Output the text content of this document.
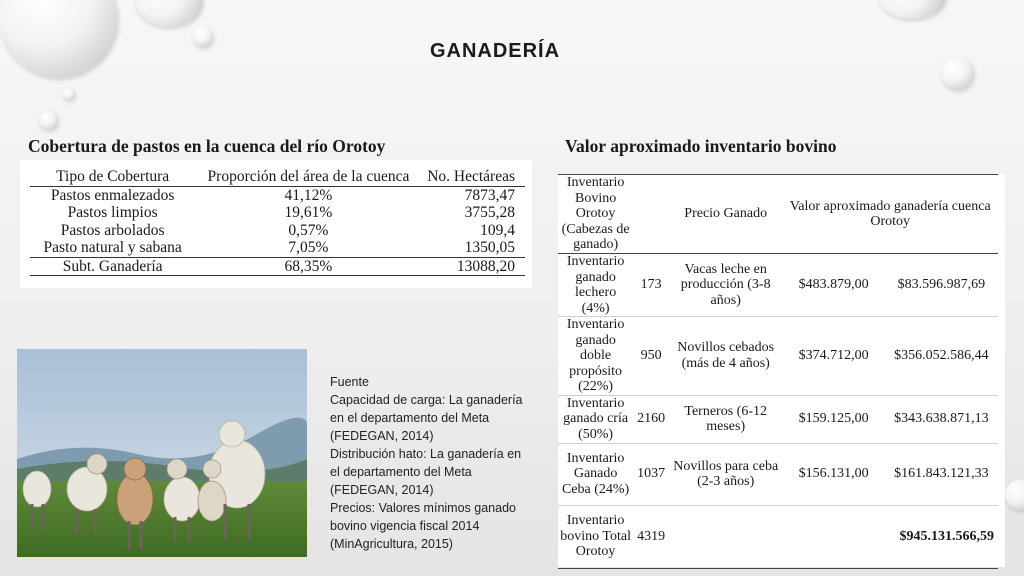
GANADERÍA
Cobertura de pastos en la cuenca del río Orotoy	Valor aproximado inventario bovino
Tipo de Cobertura	Proporción del área de la cuenca	No. Hectáreas
Pastos enmalezados	41,12%	7873,47
Pastos limpios	19,61%	3755,28
Pastos arbolados	0,57%	109,4
Pasto natural y sabana	7,05%	1350,05
Subt. Ganadería	68,35%	13088,20
Fuente
Capacidad de carga: La ganadería en el departamento del Meta (FEDEGAN, 2014)
Distribución hato: La ganadería en el departamento del Meta (FEDEGAN, 2014)
Precios: Valores mínimos ganado bovino vigencia fiscal 2014 (MinAgricultura, 2015)
Inventario Bovino Orotoy (Cabezas de ganado)		Precio Ganado	Valor aproximado ganadería cuenca Orotoy	
Inventario ganado lechero (4%)	173	Vacas leche en producción (3-8 años)	$483.879,00	$83.596.987,69
Inventario ganado doble propósito (22%)	950	Novillos cebados (más de 4 años)	$374.712,00	$356.052.586,44
Inventario ganado cría (50%)	2160	Terneros (6-12 meses)	$159.125,00	$343.638.871,13
Inventario Ganado Ceba (24%)	1037	Novillos para ceba (2-3 años)	$156.131,00	$161.843.121,33
Inventario bovino Total Orotoy	4319		$945.131.566,59	
